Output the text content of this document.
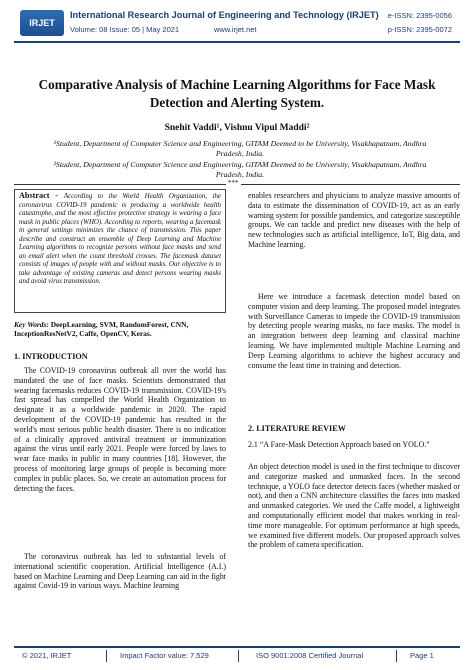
IRJET
International Research Journal of Engineering and Technology (IRJET)
Volume: 08 Issue: 05 | May 2021	www.irjet.net
e-ISSN: 2395-0056
p-ISSN: 2395-0072
Comparative Analysis of Machine Learning Algorithms for Face Mask
Detection and Alerting System.
Snehit Vaddi¹, Vishnu Vipul Maddi²
¹Student, Department of Computer Science and Engineering, GITAM Deemed to be University, Visakhapatnam, Andhra Pradesh, India.
²Student, Department of Computer Science and Engineering, GITAM Deemed to be University, Visakhapatnam, Andhra Pradesh, India.
***
Abstract - According to the World Health Organization, the coronavirus COVID-19 pandemic is producing a worldwide health catastrophe, and the most effective protective strategy is wearing a face mask in public places (WHO). According to reports, wearing a facemask in general settings minimizes the chance of transmission. This paper describe and construct an ensemble of Deep Learning and Machine Learning algorithms to recognize persons without face masks and send an email alert when the count threshold crosses. The facemask dataset consists of images of people with and without masks. Our objective is to take advantage of existing cameras and detect persons wearing masks and avoid virus transmission.
Key Words: DeepLearning, SVM, RandomForest, CNN, InceptionResNetV2, Caffe, OpenCV, Keras.
1. INTRODUCTION

The COVID-19 coronavirus outbreak all over the world has mandated the use of face masks. Scientists demonstrated that wearing facemasks reduces COVID-19 transmission. COVID-19's fast spread has compelled the World Health Organization to designate it as a worldwide pandemic in 2020. The rapid development of the COVID-19 pandemic has resulted in the world's most serious public health disaster. There is no indication of a clinically approved antiviral treatment or immunization against the virus until early 2021. People were forced by laws to wear face masks in public in many countries [18]. However, the process of monitoring large groups of people is becoming more complex in public places. So, we create an automation process for detecting the faces.

The coronavirus outbreak has led to substantial levels of international scientific cooperation. Artificial Intelligence (A.I.) based on Machine Learning and Deep Learning can aid in the fight against Covid-19 in various ways. Machine learning

enables researchers and physicians to analyze massive amounts of data to estimate the dissemination of COVID-19, act as an early warning system for possible pandemics, and categorize susceptible groups. We can tackle and predict new diseases with the help of new technologies such as artificial intelligence, IoT, Big data, and Machine learning.

Here we introduce a facemask detection model based on computer vision and deep learning. The proposed model integrates with Surveillance Cameras to impede the COVID-19 transmission by detecting people wearing masks, no face masks. The model is an integration between deep learning and classical machine learning. We have implemented multiple Machine Learning and Deep Learning algorithms to achieve the highest accuracy and consume the least time in training and detection.

2. LITERATURE REVIEW
2.1 “A Face-Mask Detection Approach based on YOLO.”

An object detection model is used in the first technique to discover and categorize masked and unmasked faces. In the second technique, a YOLO face detector detects faces (whether masked or not), and then a CNN architecture classifies the faces into masked and unmasked categories. We used the Caffe model, a lightweight and computationally efficient model that makes working in real-time more manageable. For optimum performance at high speeds, we examined five different models. Our proposed approach solves the problem of camera specification.

© 2021, IRJET	Impact Factor value: 7.529	ISO 9001:2008 Certified Journal	Page 1
